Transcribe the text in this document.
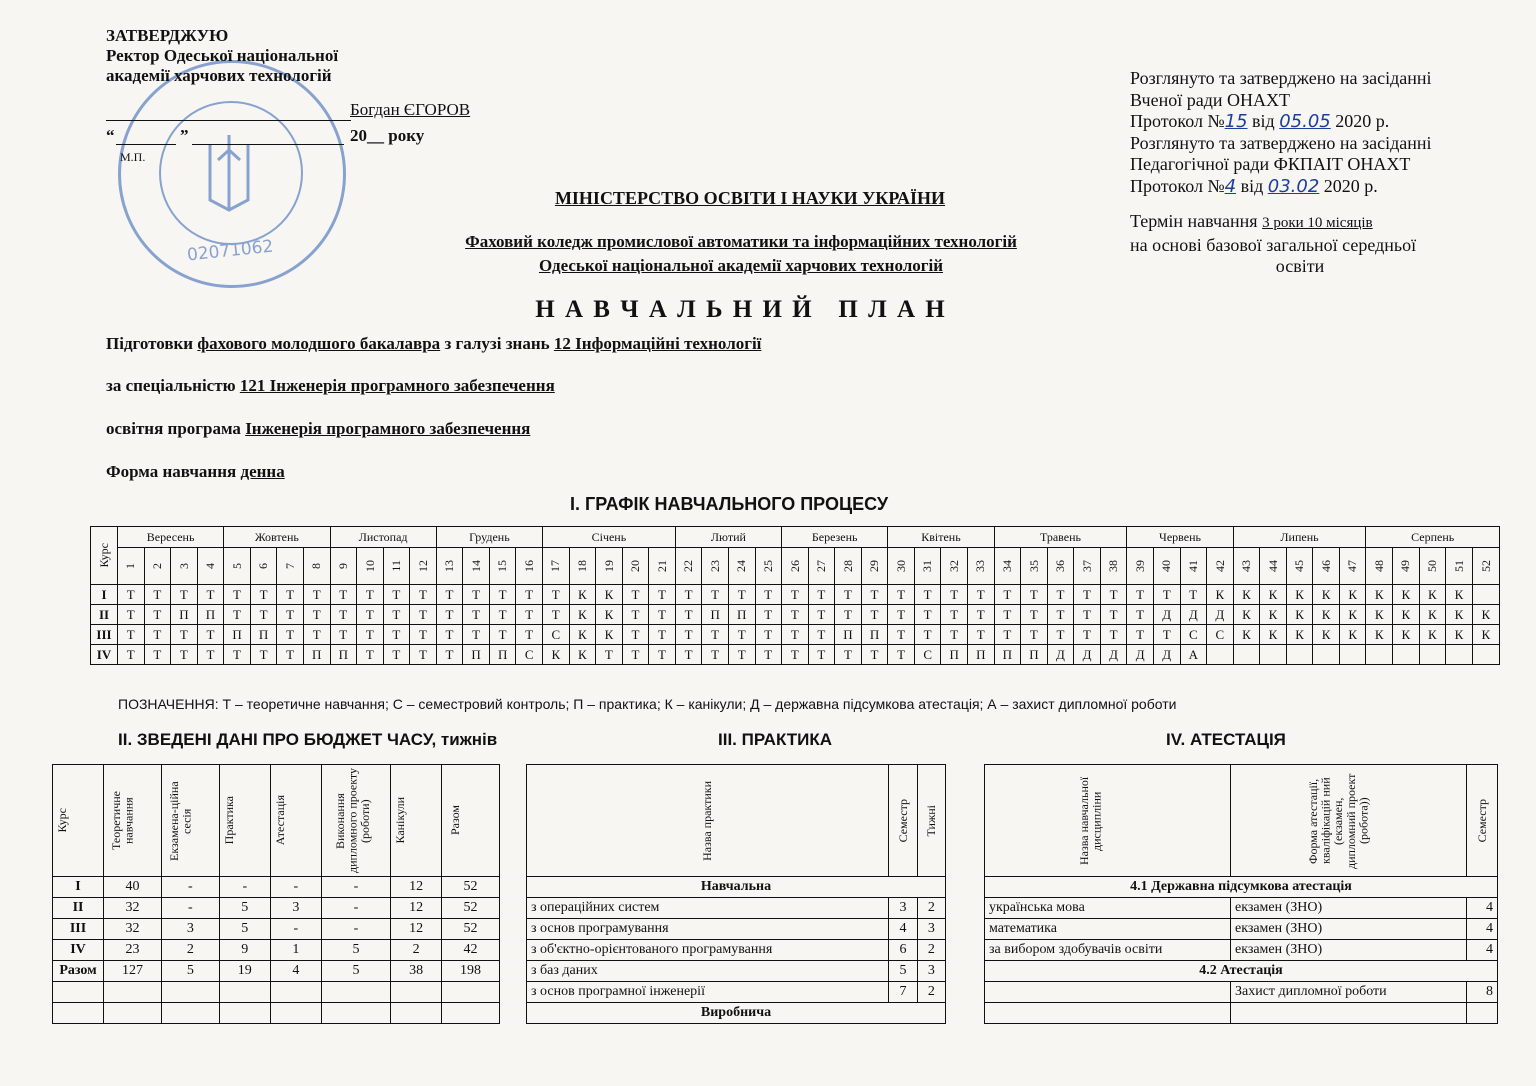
02071062
ЗАТВЕРДЖУЮ
Ректор Одеської національної
академії харчових технологій
Богдан ЄГОРОВ
“	”	20__ року
М.П.
Розглянуто та затверджено на засіданні
Вченої ради ОНАХТ
Протокол №15 від 05.05 2020 р.
Розглянуто та затверджено на засіданні
Педагогічної ради ФКПАІТ ОНАХТ
Протокол №4 від 03.02 2020 р.
Термін навчання 3 роки 10 місяців
на основі базової загальної середньої
освіти
МІНІСТЕРСТВО ОСВІТИ І НАУКИ УКРАЇНИ
Фаховий коледж промислової автоматики та інформаційних технологій
Одеської національної академії харчових технологій
Н А В Ч А Л Ь Н И Й   П Л А Н
Підготовки фахового молодшого бакалавра з галузі знань 12 Інформаційні технології
за спеціальністю 121 Інженерія програмного забезпечення
освітня програма Інженерія програмного забезпечення
Форма навчання денна
І. ГРАФІК НАВЧАЛЬНОГО ПРОЦЕСУ
Курс	Вересень				Жовтень				Листопад				Грудень				Січень					Лютий				Березень				Квітень				Травень					Червень				Липень					Серпень				

	1	2	3	4	5	6	7	8	9	10	11	12	13	14	15	16	17	18	19	20	21	22	23	24	25	26	27	28	29	30	31	32	33	34	35	36	37	38	39	40	41	42	43	44	45	46	47	48	49	50	51	52

І	Т	Т	Т	Т	Т	Т	Т	Т	Т	Т	Т	Т	Т	Т	Т	Т	Т	К	К	Т	Т	Т	Т	Т	Т	Т	Т	Т	Т	Т	Т	Т	Т	Т	Т	Т	Т	Т	Т	Т	Т	К	К	К	К	К	К	К	К	К	К	
ІІ	Т	Т	П	П	Т	Т	Т	Т	Т	Т	Т	Т	Т	Т	Т	Т	Т	К	К	Т	Т	Т	П	П	Т	Т	Т	Т	Т	Т	Т	Т	Т	Т	Т	Т	Т	Т	Т	Д	Д	Д	К	К	К	К	К	К	К	К	К	К
ІІІ	Т	Т	Т	Т	П	П	Т	Т	Т	Т	Т	Т	Т	Т	Т	Т	С	К	К	Т	Т	Т	Т	Т	Т	Т	Т	П	П	Т	Т	Т	Т	Т	Т	Т	Т	Т	Т	Т	С	С	К	К	К	К	К	К	К	К	К	К
IV	Т	Т	Т	Т	Т	Т	Т	П	П	Т	Т	Т	Т	П	П	С	К	К	Т	Т	Т	Т	Т	Т	Т	Т	Т	Т	Т	Т	С	П	П	П	П	Д	Д	Д	Д	Д	А											
ПОЗНАЧЕННЯ: Т – теоретичне навчання; С – семестровий контроль; П – практика; К – канікули; Д – державна підсумкова атестація; А – захист дипломної роботи
ІІ. ЗВЕДЕНІ ДАНІ ПРО БЮДЖЕТ ЧАСУ, тижнів	ІІІ. ПРАКТИКА	IV. АТЕСТАЦІЯ
Курс	Теоретичне навчання	Екзамена-ційна сесія	Практика	Атестація	Виконання дипломного проекту (роботи)	Канікули	Разом

І	40	-	-	-	-	12	52
ІІ	32	-	5	3	-	12	52
ІІІ	32	3	5	-	-	12	52
IV	23	2	9	1	5	2	42
Разом	127	5	19	4	5	38	198

Назва практики	Семестр	Тижні

Навчальна		
з операційних систем	3	2
з основ програмування	4	3
з об'єктно-орієнтованого програмування	6	2
з баз даних	5	3
з основ програмної інженерії	7	2
Виробнича		
Назва навчальної дисципліни	Форма атестації, кваліфікацій ний (екзамен, дипломний проект (робота))	Семестр

4.1 Державна підсумкова атестація		
українська мова	екзамен (ЗНО)	4
математика	екзамен (ЗНО)	4
за вибором здобувачів освіти	екзамен (ЗНО)	4
4.2 Атестація		
	Захист дипломної роботи	8
